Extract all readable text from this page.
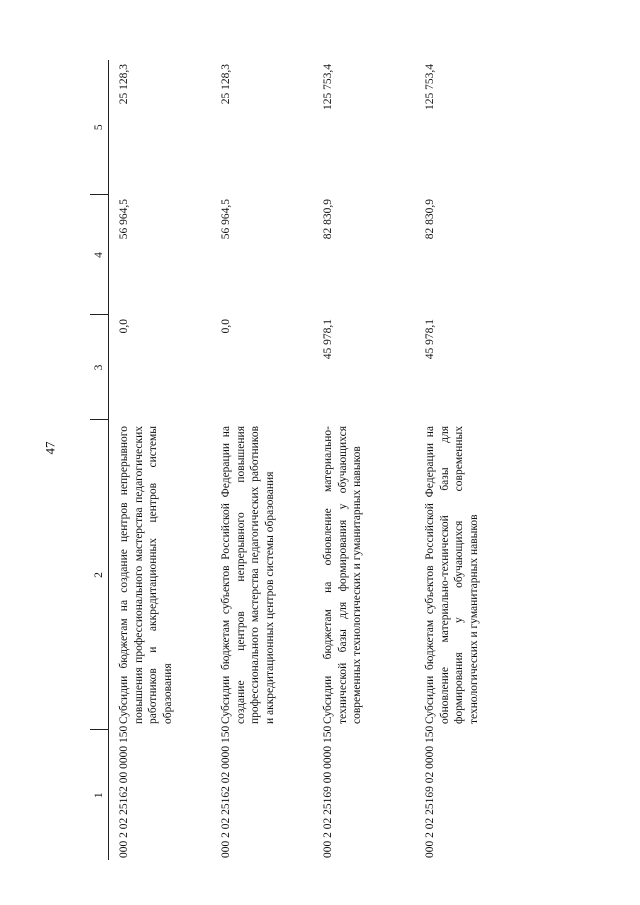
47
1	2	3	4	5
000 2 02 25162 00 0000 150	Субсидии бюджетам на создание центров непрерывного повышения профессионального мастерства педагогических работников и аккредитационных центров системы образования	0,0	56 964,5	25 128,3
000 2 02 25162 02 0000 150	Субсидии бюджетам субъектов Российской Федерации на создание центров непрерывного повышения профессионального мастерства педагогических работников и аккредитационных центров системы образования	0,0	56 964,5	25 128,3
000 2 02 25169 00 0000 150	Субсидии бюджетам на обновление материально-технической базы для формирования у обучающихся современных технологических и гуманитарных навыков	45 978,1	82 830,9	125 753,4
000 2 02 25169 02 0000 150	Субсидии бюджетам субъектов Российской Федерации на обновление материально-технической базы для формирования у обучающихся современных технологических и гуманитарных навыков	45 978,1	82 830,9	125 753,4
